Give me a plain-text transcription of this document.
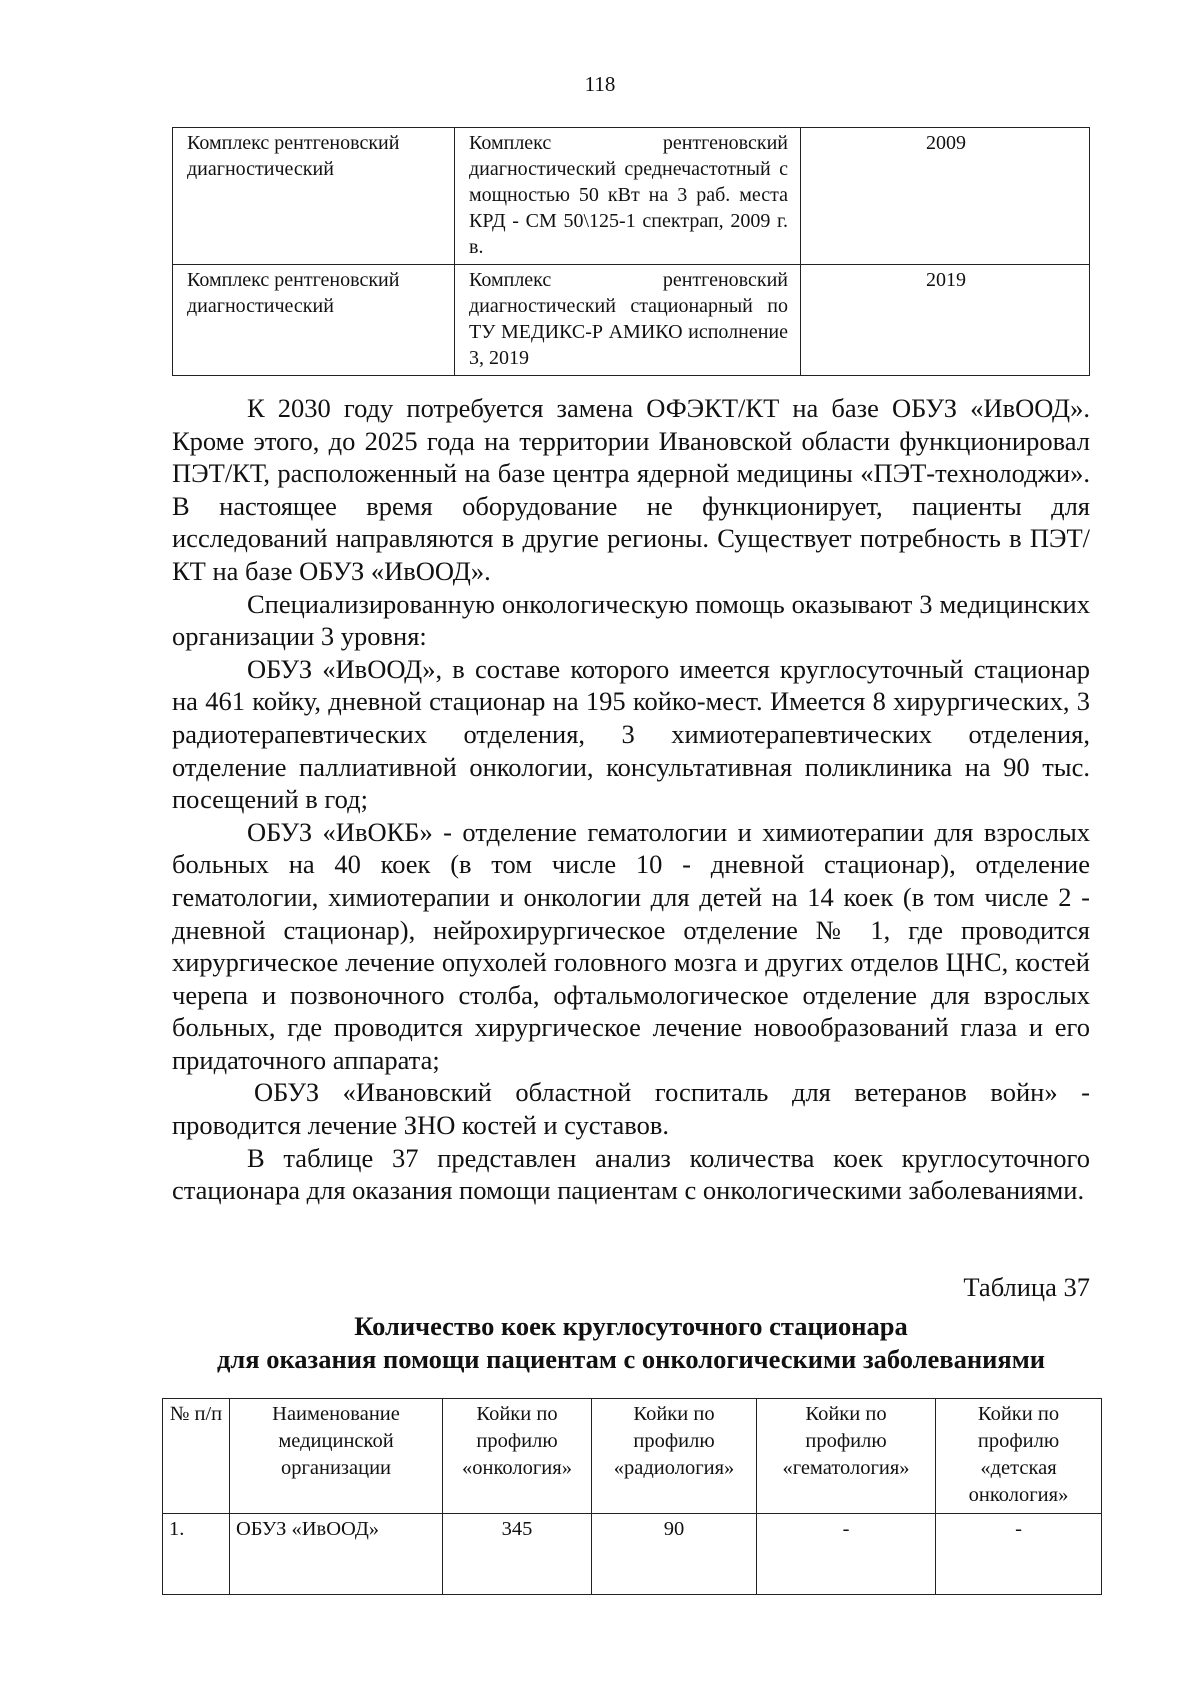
118
Комплекс рентгеновский диагностический	Комплекс рентгеновский диагностический среднечастотный с мощностью 50 кВт на 3 раб. места КРД - СМ 50\125-1 спектрап, 2009 г. в.	2009
Комплекс рентгеновский диагностический	Комплекс рентгеновский диагностический стационарный по ТУ МЕДИКС-Р АМИКО исполнение 3, 2019	2019

К 2030 году потребуется замена ОФЭКТ/КТ на базе ОБУЗ «ИвООД». Кроме этого, до 2025 года на территории Ивановской области функционировал ПЭТ/КТ, расположенный на базе центра ядерной медицины «ПЭТ-технолоджи». В настоящее время оборудование не функционирует, пациенты для исследований направляются в другие регионы. Существует потребность в ПЭТ/КТ на базе ОБУЗ «ИвООД».

Специализированную онкологическую помощь оказывают 3 медицинских организации 3 уровня:

ОБУЗ «ИвООД», в составе которого имеется круглосуточный стационар на 461 койку, дневной стационар на 195 койко-мест. Имеется 8 хирургических, 3 радиотерапевтических отделения, 3 химиотерапевтических отделения, отделение паллиативной онкологии, консультативная поликлиника на 90 тыс. посещений в год;

ОБУЗ «ИвОКБ» - отделение гематологии и химиотерапии для взрослых больных на 40 коек (в том числе 10 - дневной стационар), отделение гематологии, химиотерапии и онкологии для детей на 14 коек (в том числе 2 - дневной стационар), нейрохирургическое отделение № 1, где проводится хирургическое лечение опухолей головного мозга и других отделов ЦНС, костей черепа и позвоночного столба, офтальмологическое отделение для взрослых больных, где проводится хирургическое лечение новообразований глаза и его придаточного аппарата;

ОБУЗ «Ивановский областной госпиталь для ветеранов войн» - проводится лечение ЗНО костей и суставов.

В таблице 37 представлен анализ количества коек круглосуточного стационара для оказания помощи пациентам с онкологическими заболеваниями.

Таблица 37
Количество коек круглосуточного стационара
для оказания помощи пациентам с онкологическими заболеваниями
№ п/п	Наименование медицинской организации	Койки по профилю «онкология»	Койки по профилю «радиология»	Койки по профилю «гематология»	Койки по профилю «детская онкология»
1.	ОБУЗ «ИвООД»	345	90	-	-
